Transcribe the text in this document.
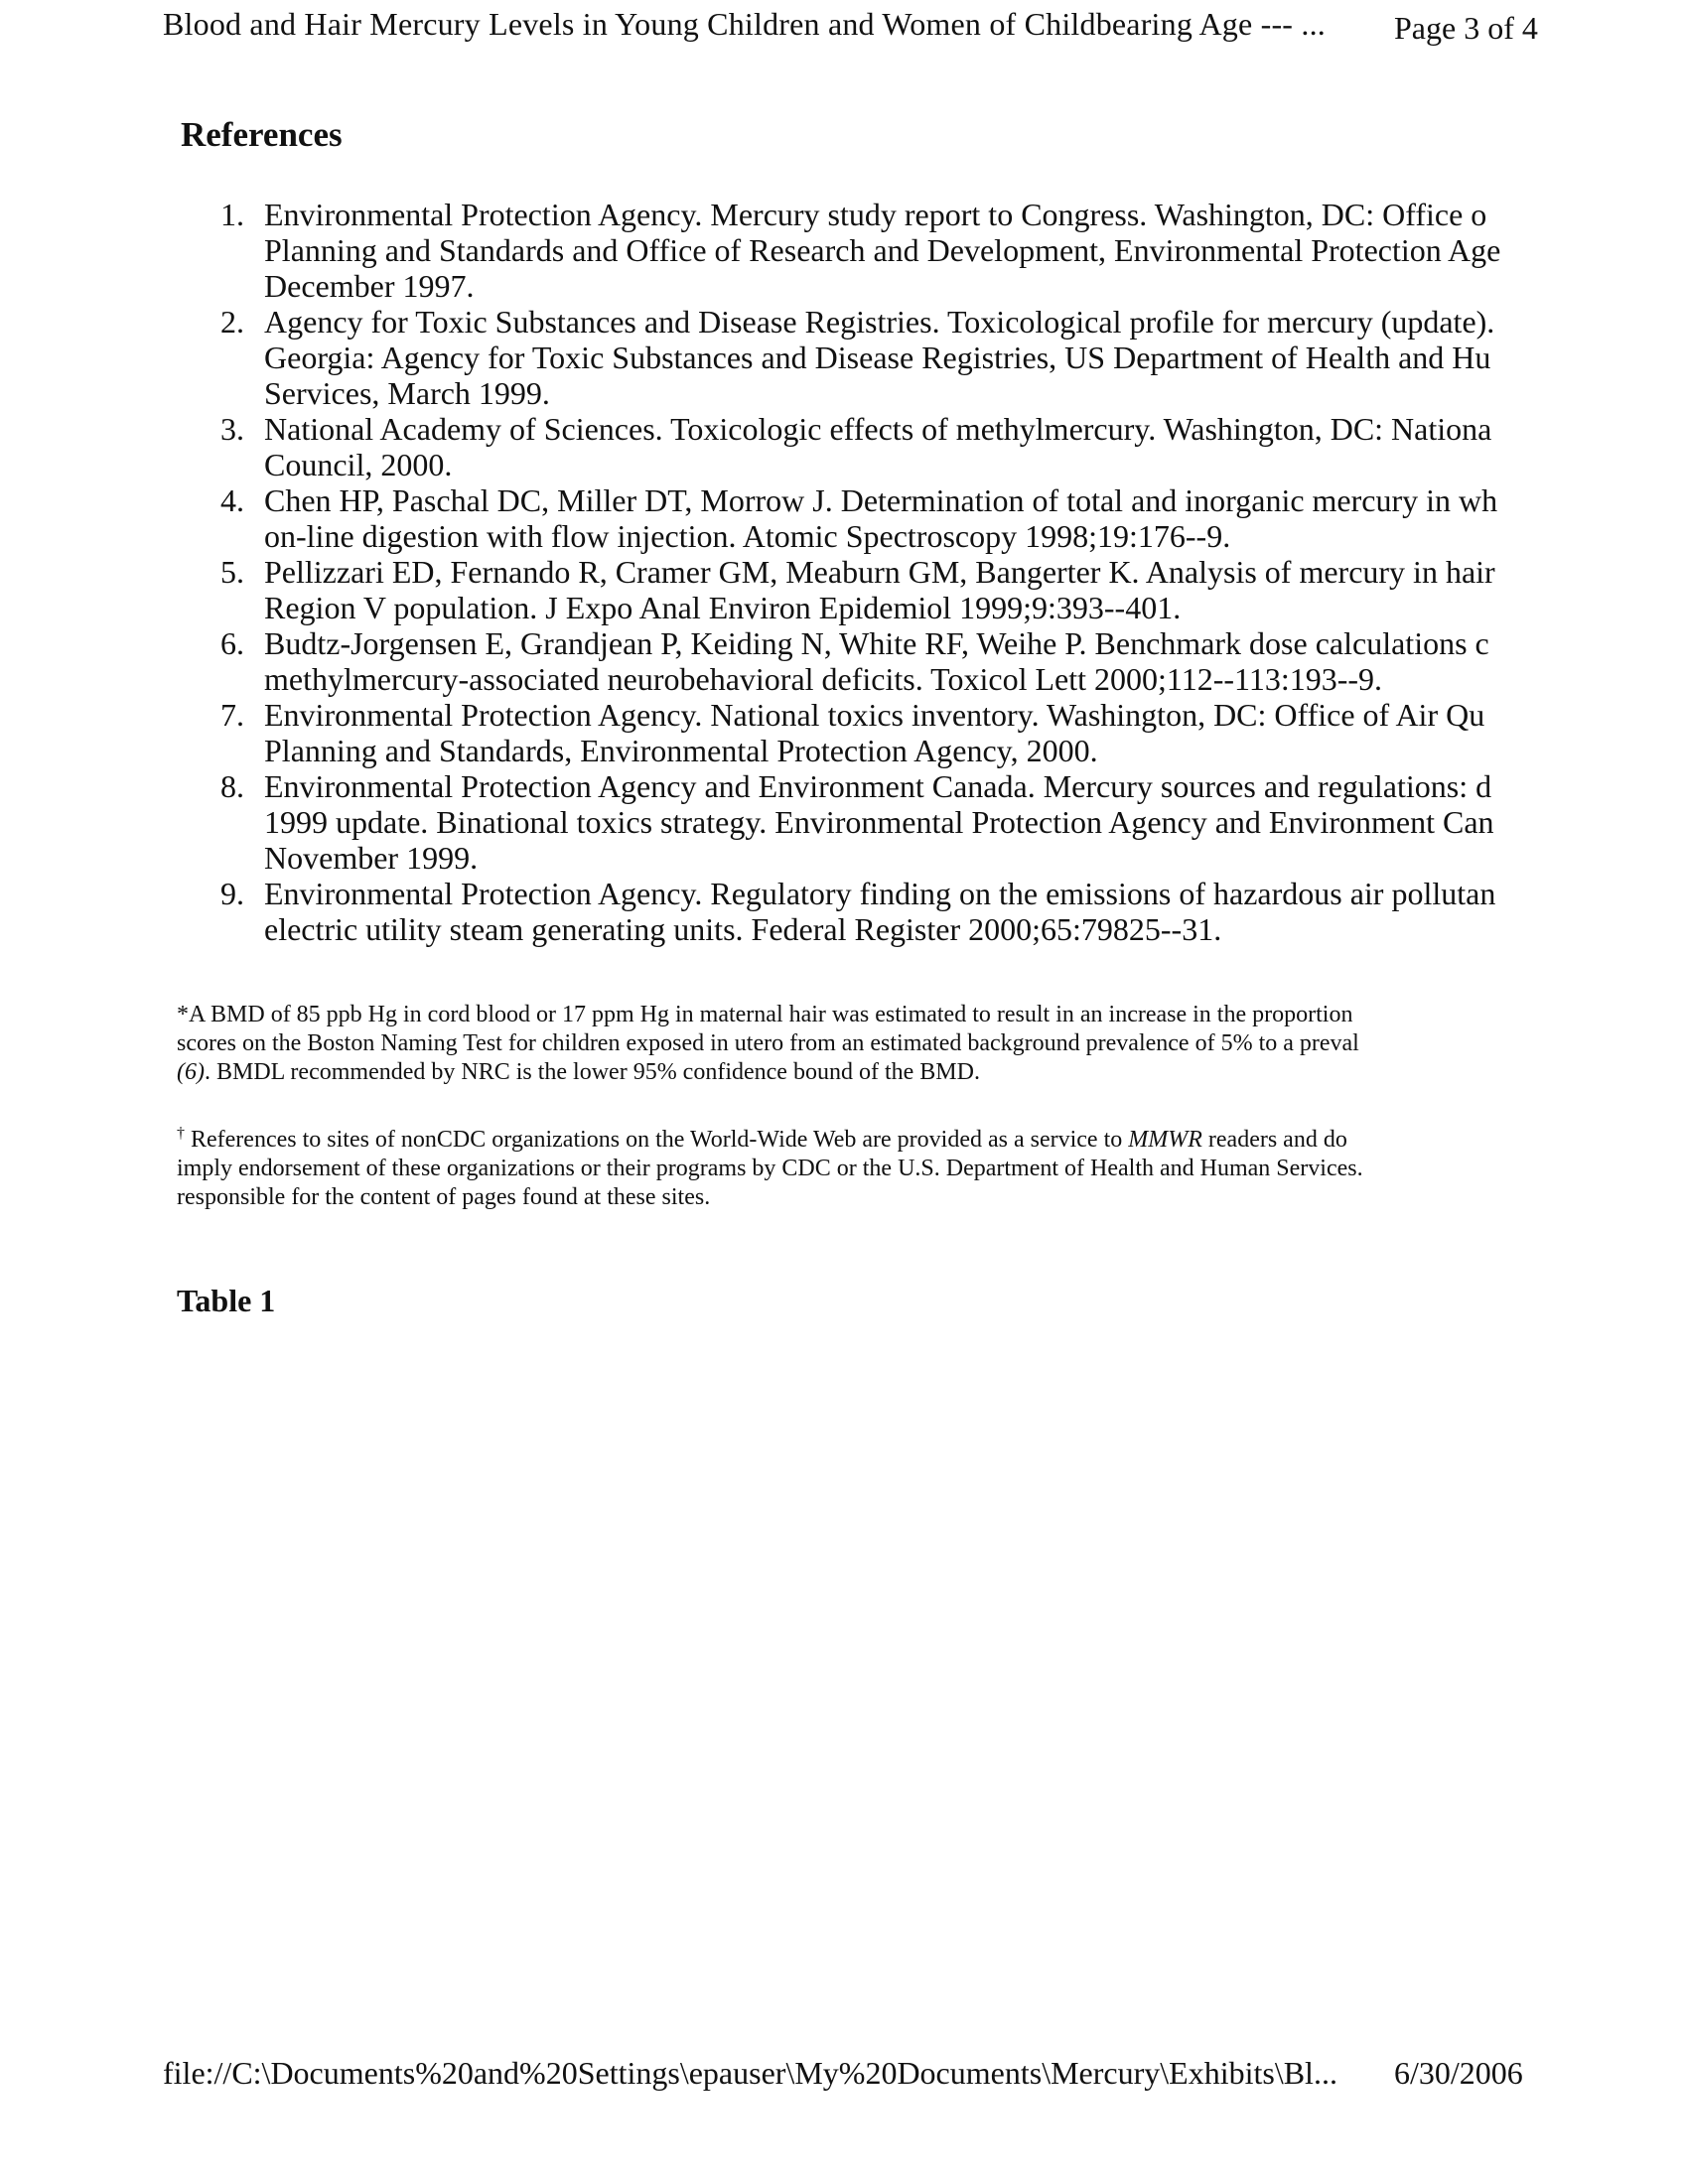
Blood and Hair Mercury Levels in Young Children and Women of Childbearing Age --- ... Page 3 of 4
References
1. Environmental Protection Agency. Mercury study report to Congress. Washington, DC: Office o
Planning and Standards and Office of Research and Development, Environmental Protection Age
December 1997.
2. Agency for Toxic Substances and Disease Registries. Toxicological profile for mercury (update).
Georgia: Agency for Toxic Substances and Disease Registries, US Department of Health and Hu
Services, March 1999.
3. National Academy of Sciences. Toxicologic effects of methylmercury. Washington, DC: Nationa
Council, 2000.
4. Chen HP, Paschal DC, Miller DT, Morrow J. Determination of total and inorganic mercury in wh
on-line digestion with flow injection. Atomic Spectroscopy 1998;19:176--9.
5. Pellizzari ED, Fernando R, Cramer GM, Meaburn GM, Bangerter K. Analysis of mercury in hair
Region V population. J Expo Anal Environ Epidemiol 1999;9:393--401.
6. Budtz-Jorgensen E, Grandjean P, Keiding N, White RF, Weihe P. Benchmark dose calculations c
methylmercury-associated neurobehavioral deficits. Toxicol Lett 2000;112--113:193--9.
7. Environmental Protection Agency. National toxics inventory. Washington, DC: Office of Air Qu
Planning and Standards, Environmental Protection Agency, 2000.
8. Environmental Protection Agency and Environment Canada. Mercury sources and regulations: d
1999 update. Binational toxics strategy. Environmental Protection Agency and Environment Can
November 1999.
9. Environmental Protection Agency. Regulatory finding on the emissions of hazardous air pollutan
electric utility steam generating units. Federal Register 2000;65:79825--31.
*A BMD of 85 ppb Hg in cord blood or 17 ppm Hg in maternal hair was estimated to result in an increase in the proportion
scores on the Boston Naming Test for children exposed in utero from an estimated background prevalence of 5% to a preval
(6). BMDL recommended by NRC is the lower 95% confidence bound of the BMD.
† References to sites of nonCDC organizations on the World-Wide Web are provided as a service to MMWR readers and do
imply endorsement of these organizations or their programs by CDC or the U.S. Department of Health and Human Services.
responsible for the content of pages found at these sites.
Table 1
file://C:\Documents%20and%20Settings\epauser\My%20Documents\Mercury\Exhibits\Bl... 6/30/2006
